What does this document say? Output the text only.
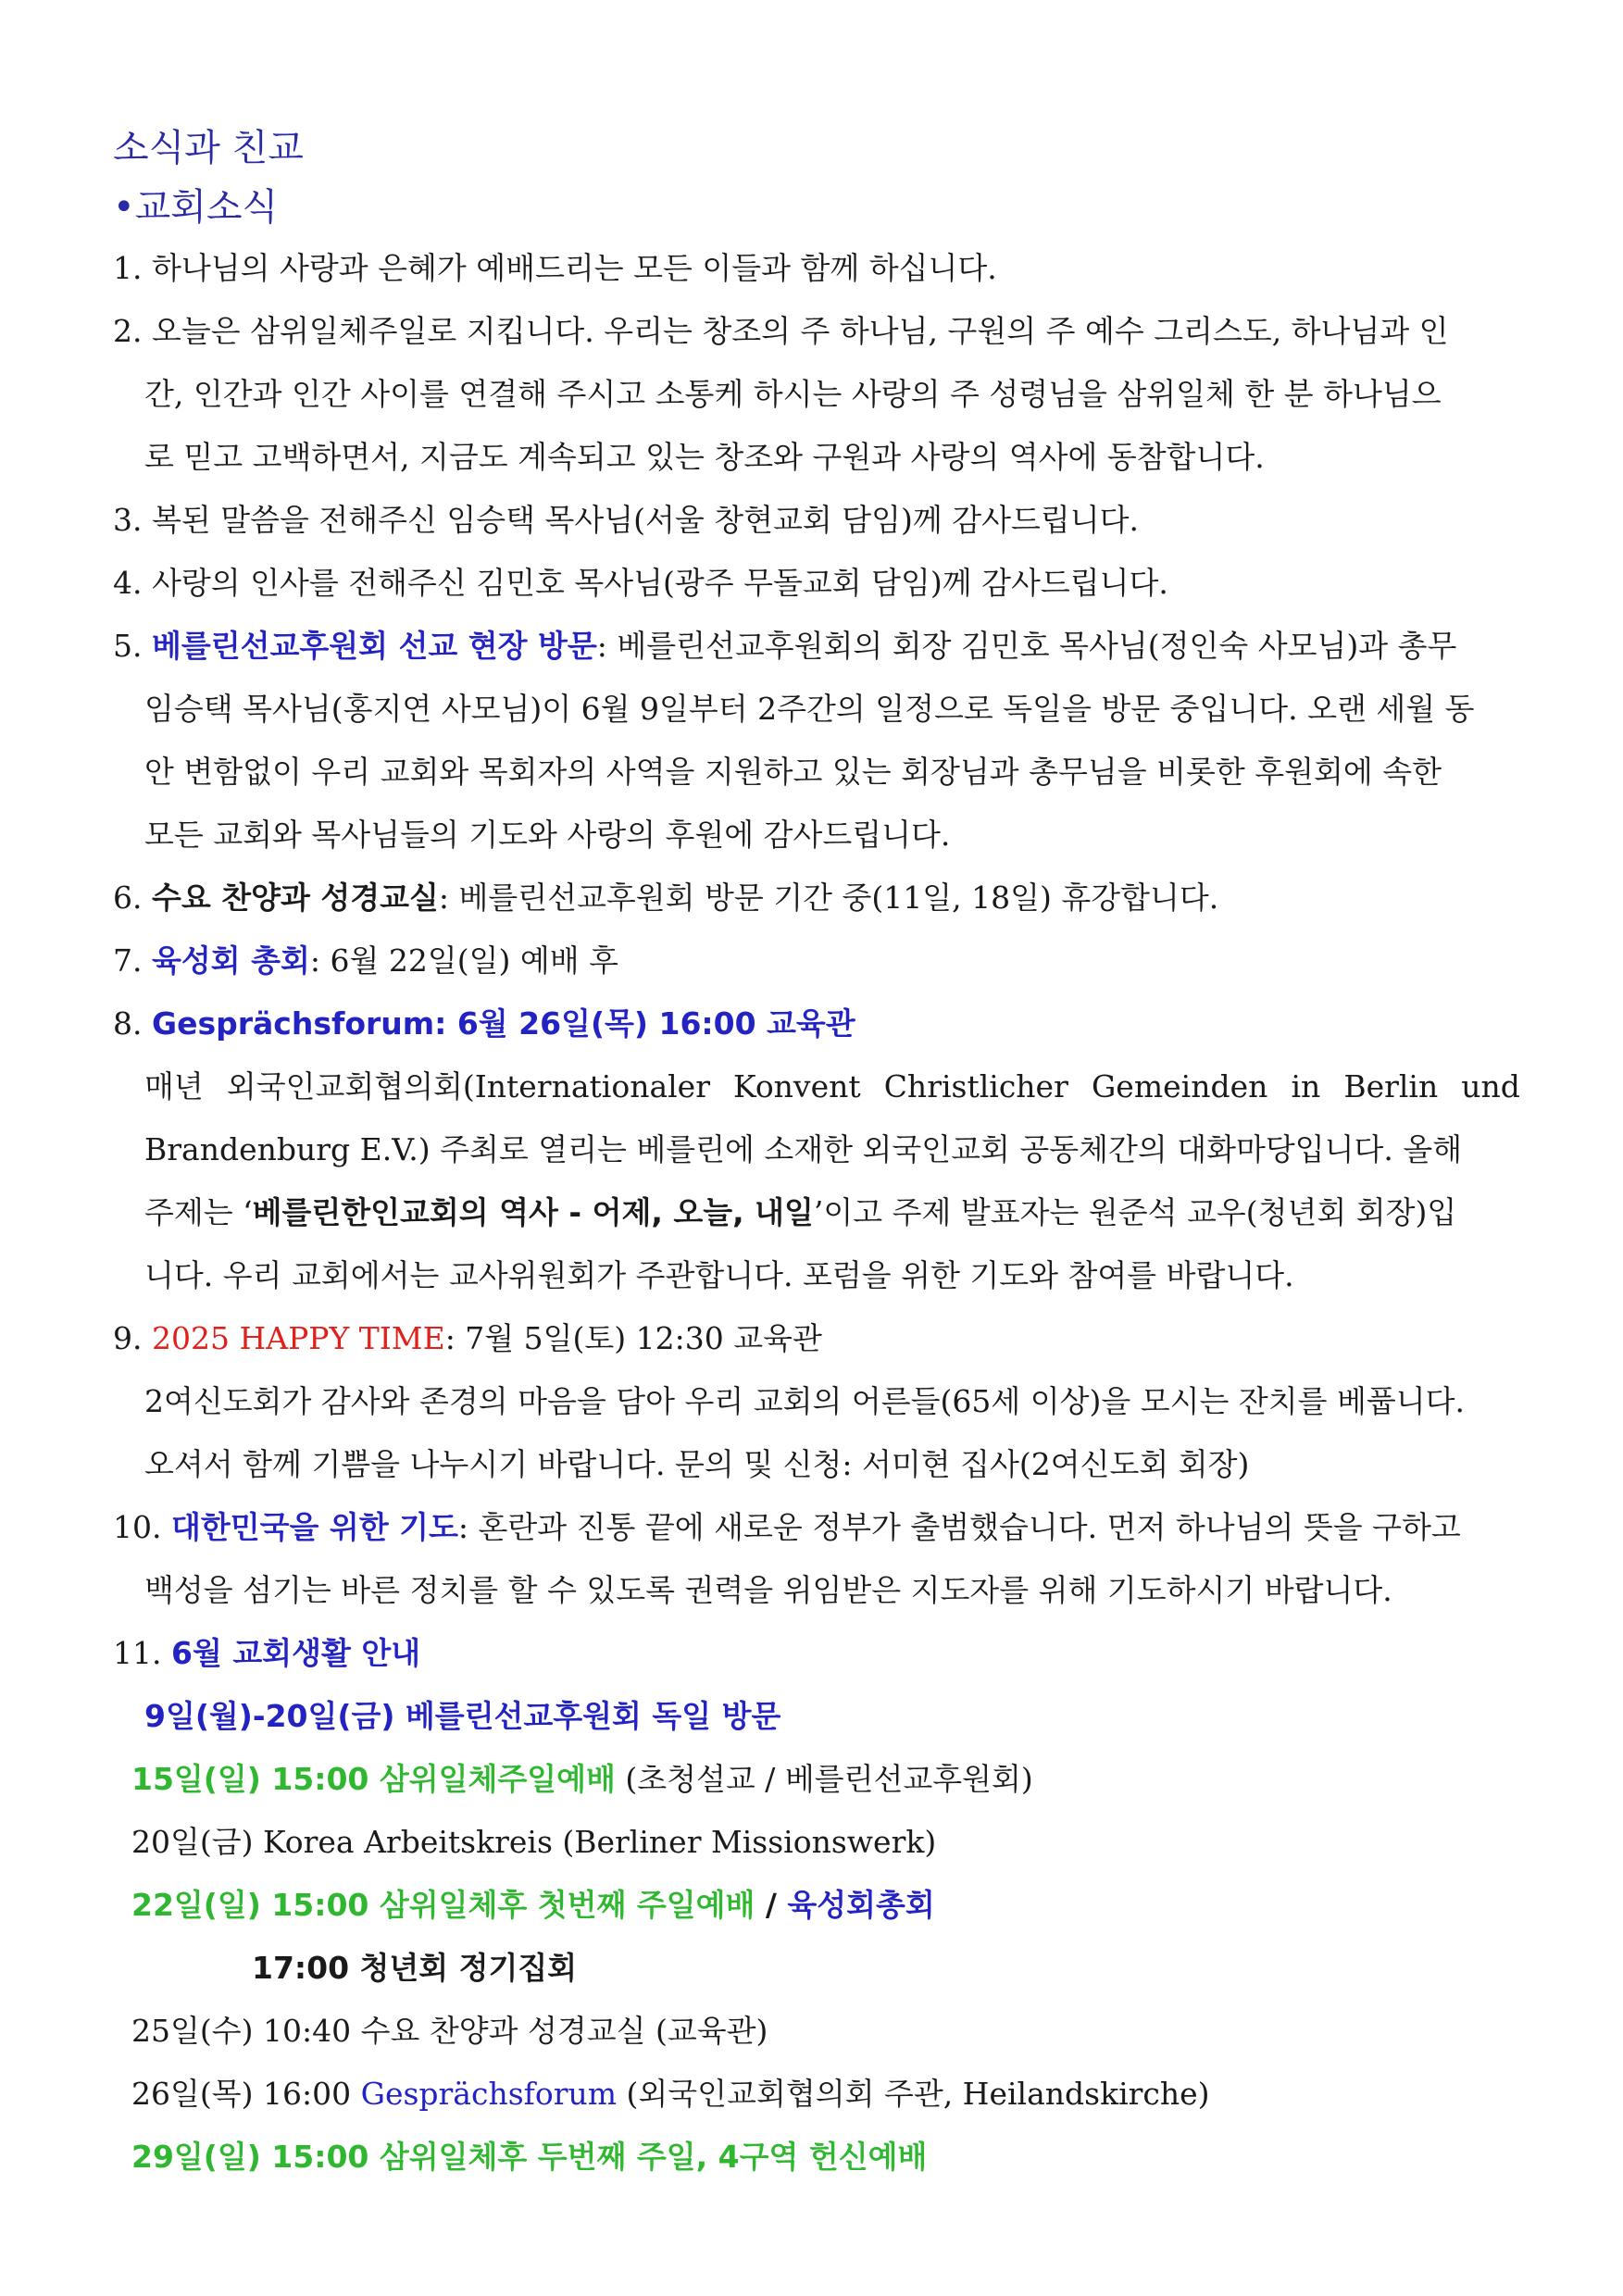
소식과 친교
•교회소식
1. 하나님의 사랑과 은혜가 예배드리는 모든 이들과 함께 하십니다.
2. 오늘은 삼위일체주일로 지킵니다. 우리는 창조의 주 하나님, 구원의 주 예수 그리스도, 하나님과 인
간, 인간과 인간 사이를 연결해 주시고 소통케 하시는 사랑의 주 성령님을 삼위일체 한 분 하나님으
로 믿고 고백하면서, 지금도 계속되고 있는 창조와 구원과 사랑의 역사에 동참합니다.
3. 복된 말씀을 전해주신 임승택 목사님(서울 창현교회 담임)께 감사드립니다.
4. 사랑의 인사를 전해주신 김민호 목사님(광주 무돌교회 담임)께 감사드립니다.
5. 베를린선교후원회 선교 현장 방문: 베를린선교후원회의 회장 김민호 목사님(정인숙 사모님)과 총무
임승택 목사님(홍지연 사모님)이 6월 9일부터 2주간의 일정으로 독일을 방문 중입니다. 오랜 세월 동
안 변함없이 우리 교회와 목회자의 사역을 지원하고 있는 회장님과 총무님을 비롯한 후원회에 속한
모든 교회와 목사님들의 기도와 사랑의 후원에 감사드립니다.
6. 수요 찬양과 성경교실: 베를린선교후원회 방문 기간 중(11일, 18일) 휴강합니다.
7. 육성회 총회: 6월 22일(일) 예배 후
8. Gesprächsforum: 6월 26일(목) 16:00 교육관
매년 외국인교회협의회(Internationaler Konvent Christlicher Gemeinden in Berlin und
Brandenburg E.V.) 주최로 열리는 베를린에 소재한 외국인교회 공동체간의 대화마당입니다. 올해
주제는 ‘베를린한인교회의 역사 - 어제, 오늘, 내일’이고 주제 발표자는 원준석 교우(청년회 회장)입
니다. 우리 교회에서는 교사위원회가 주관합니다. 포럼을 위한 기도와 참여를 바랍니다.
9. 2025 HAPPY TIME: 7월 5일(토) 12:30 교육관
2여신도회가 감사와 존경의 마음을 담아 우리 교회의 어른들(65세 이상)을 모시는 잔치를 베풉니다.
오셔서 함께 기쁨을 나누시기 바랍니다. 문의 및 신청: 서미현 집사(2여신도회 회장)
10. 대한민국을 위한 기도: 혼란과 진통 끝에 새로운 정부가 출범했습니다. 먼저 하나님의 뜻을 구하고
백성을 섬기는 바른 정치를 할 수 있도록 권력을 위임받은 지도자를 위해 기도하시기 바랍니다.
11. 6월 교회생활 안내
9일(월)-20일(금) 베를린선교후원회 독일 방문
15일(일) 15:00 삼위일체주일예배 (초청설교 / 베를린선교후원회)
20일(금) Korea Arbeitskreis (Berliner Missionswerk)
22일(일) 15:00 삼위일체후 첫번째 주일예배 / 육성회총회
17:00 청년회 정기집회
25일(수) 10:40 수요 찬양과 성경교실 (교육관)
26일(목) 16:00 Gesprächsforum (외국인교회협의회 주관, Heilandskirche)
29일(일) 15:00 삼위일체후 두번째 주일, 4구역 헌신예배
